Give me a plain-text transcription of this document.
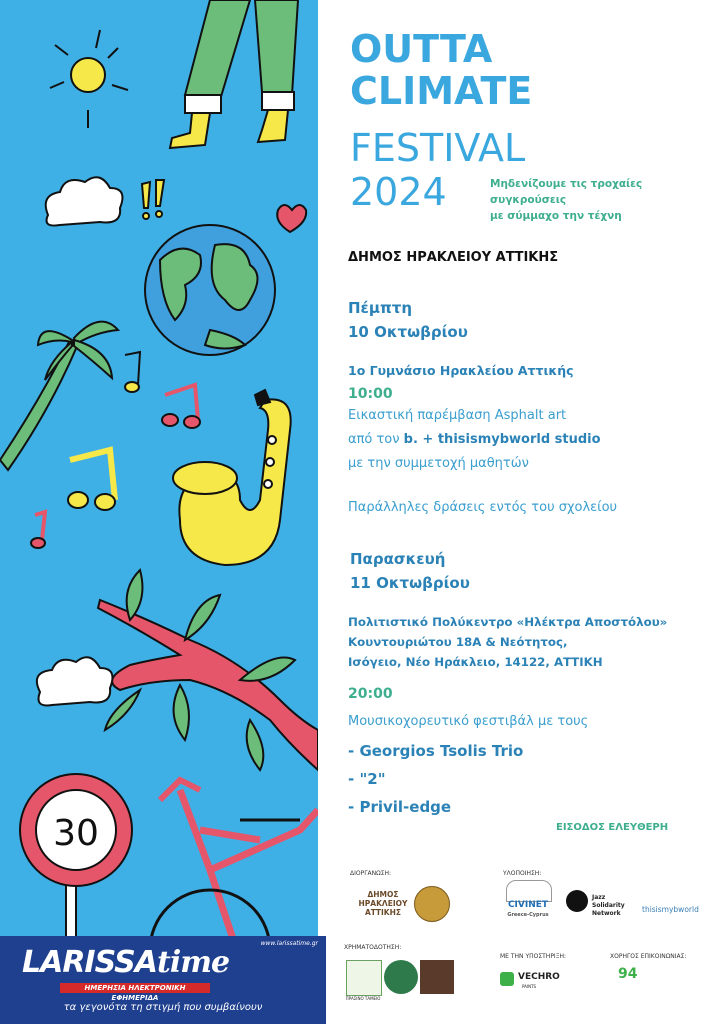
30
OUTTA
CLIMATE
FESTIVAL
2024	Μηδενίζουμε τις τροχαίες συγκρούσεις
με σύμμαχο την τέχνη
ΔΗΜΟΣ ΗΡΑΚΛΕΙΟΥ ΑΤΤΙΚΗΣ
Πέμπτη
10 Οκτωβρίου
1ο Γυμνάσιο Ηρακλείου Αττικής
10:00
Εικαστική παρέμβαση Asphalt art
από τον b. + thisismybworld studio
με την συμμετοχή μαθητών
Παράλληλες δράσεις εντός του σχολείου
Παρασκευή
11 Οκτωβρίου
Πολιτιστικό Πολύκεντρο «Ηλέκτρα Αποστόλου»
Κουντουριώτου 18Α & Νεότητος,
Ισόγειο, Νέο Ηράκλειο, 14122, ΑΤΤΙΚΗ
20:00
Μουσικοχορευτικό φεστιβάλ με τους
- Georgios Tsolis Trio
- "2"
- Privil-edge
ΕΙΣΟΔΟΣ ΕΛΕΥΘΕΡΗ
ΔΙΟΡΓΑΝΩΣΗ:
ΔΗΜΟΣ
ΗΡΑΚΛΕΙΟΥ
ΑΤΤΙΚΗΣ
ΥΛΟΠΟΙΗΣΗ:
CIVINET
Greece-Cyprus
Jazz
Solidarity
Network	thisismybworld
ΧΡΗΜΑΤΟΔΟΤΗΣΗ:
ΠΡΑΣΙΝΟ ΤΑΜΕΙΟ
ΜΕ ΤΗΝ ΥΠΟΣΤΗΡΙΞΗ:
VECHRO
PAINTS
ΧΟΡΗΓΟΣ ΕΠΙΚΟΙΝΩΝΙΑΣ:
94
www.larissatime.gr
LARISSAtime
ΗΜΕΡΗΣΙΑ ΗΛΕΚΤΡΟΝΙΚΗ ΕΦΗΜΕΡΙΔΑ
τα γεγονότα τη στιγμή που συμβαίνουν
